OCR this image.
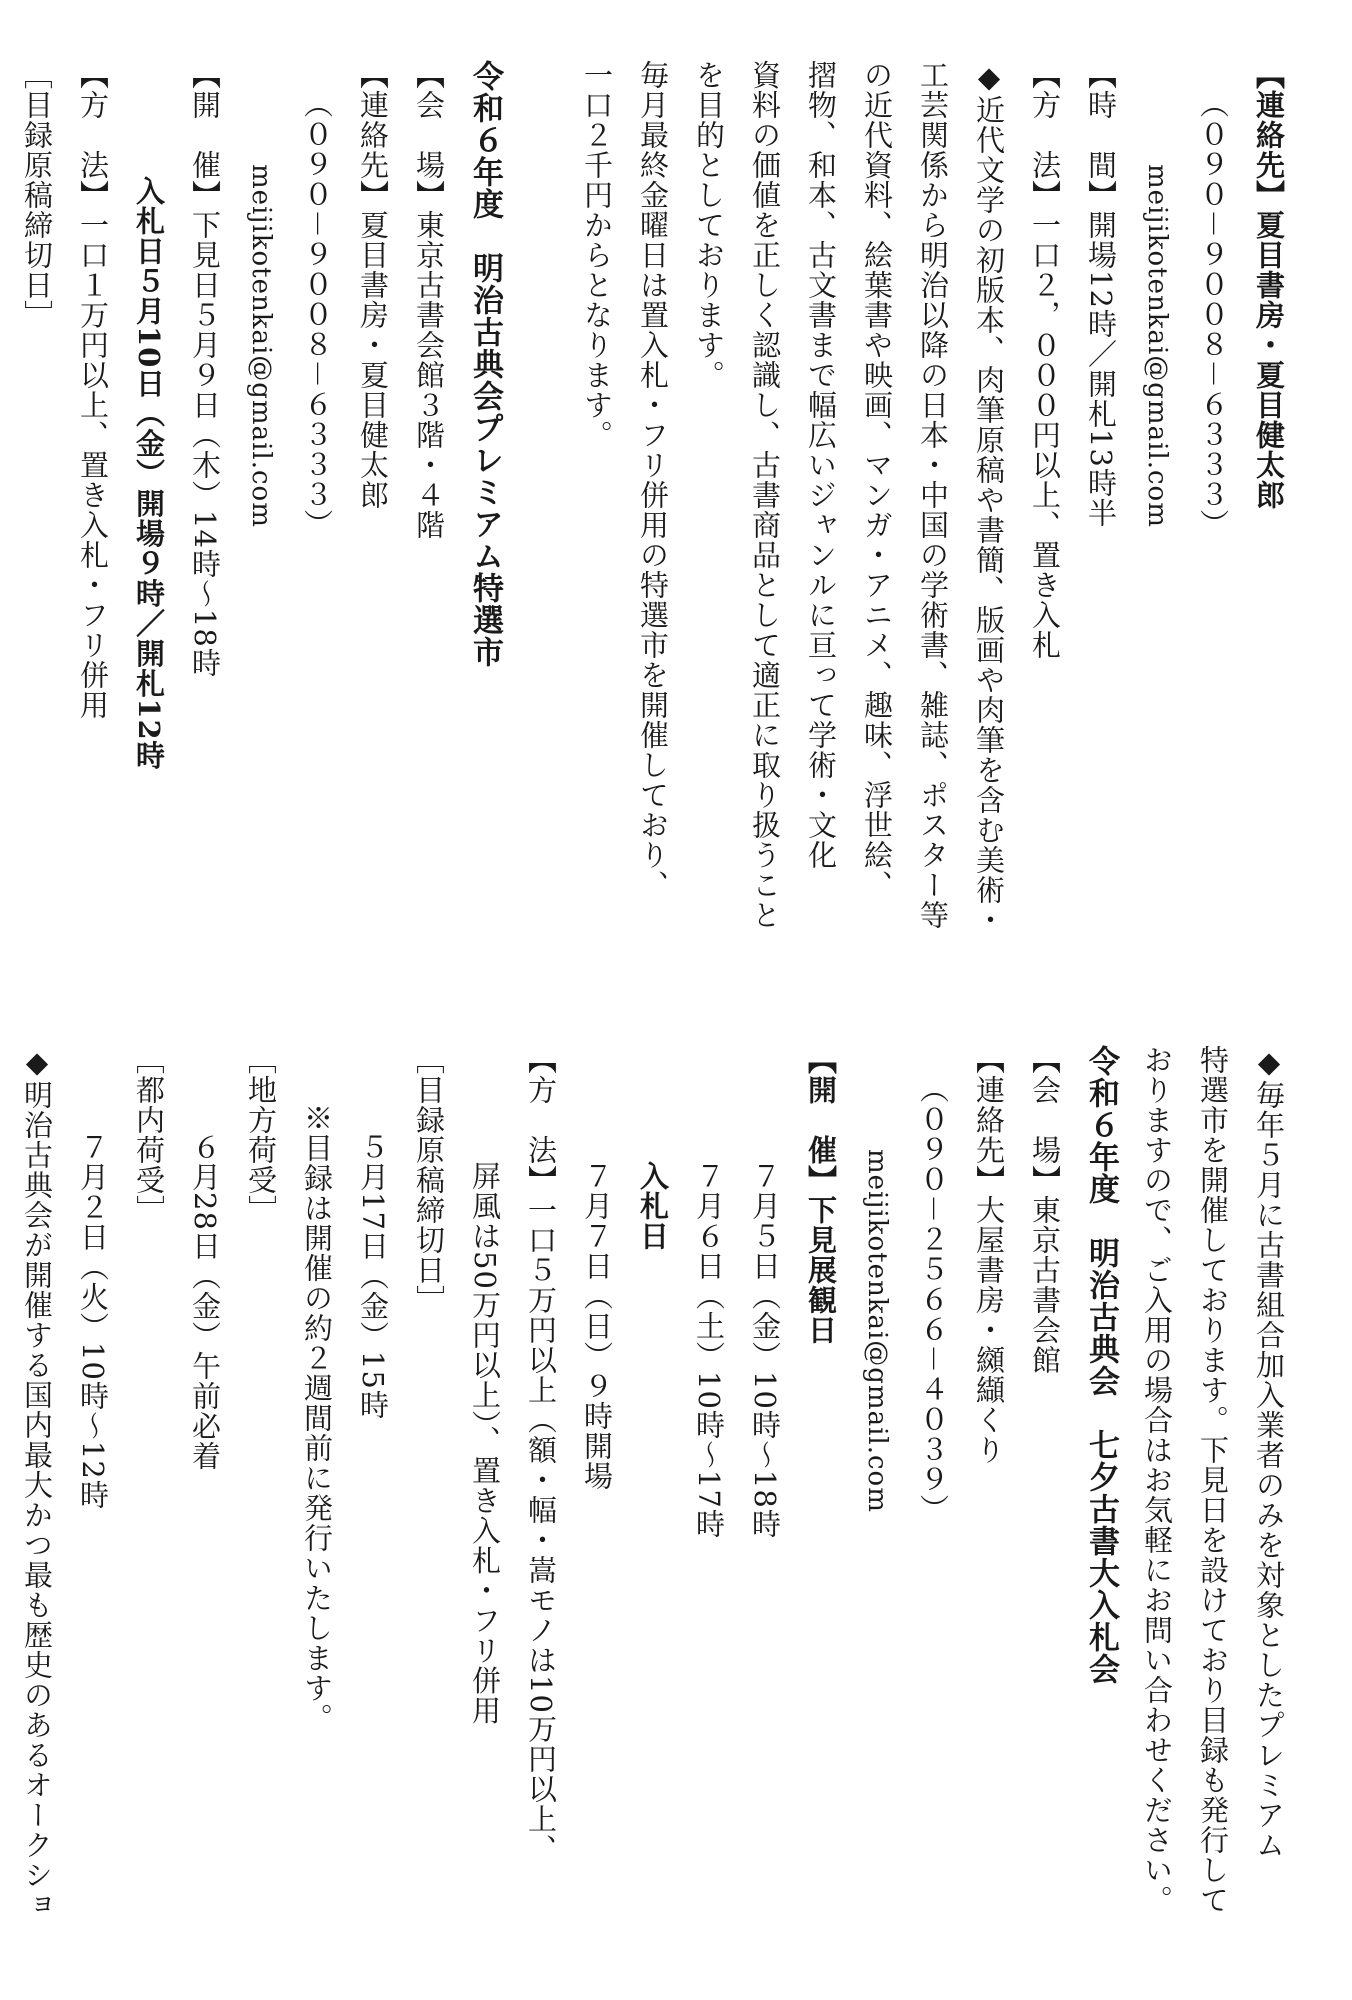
【連絡先】夏目書房・夏目健太郎
（０９０－９００８－６３３３）
meijikotenkai@gmail.com
【時　間】開場12時／開札13時半
【方　法】一口２，０００円以上、置き入札
◆近代文学の初版本、肉筆原稿や書簡、版画や肉筆を含む美術・
工芸関係から明治以降の日本・中国の学術書、雑誌、ポスター等
の近代資料、絵葉書や映画、マンガ・アニメ、趣味、浮世絵、
摺物、和本、古文書まで幅広いジャンルに亘って学術・文化
資料の価値を正しく認識し、古書商品として適正に取り扱うこと
を目的としております。
毎月最終金曜日は置入札・フリ併用の特選市を開催しており、
一口２千円からとなります。
令和６年度　明治古典会プレミアム特選市
【会　場】東京古書会館３階・４階
【連絡先】夏目書房・夏目健太郎
（０９０－９００８－６３３３）
meijikotenkai@gmail.com
【開　催】下見日５月９日（木）14時～18時
入札日５月10日（金）開場９時／開札12時
【方　法】一口１万円以上、置き入札・フリ併用
［目録原稿締切日］
◆毎年５月に古書組合加入業者のみを対象としたプレミアム
特選市を開催しております。下見日を設けており目録も発行して
おりますので、ご入用の場合はお気軽にお問い合わせください。
令和６年度　明治古典会　七夕古書大入札会
【会　場】東京古書会館
【連絡先】大屋書房・纐纈くり
（０９０－２５６６－４０３９）
meijikotenkai@gmail.com
【開　催】下見展観日
７月５日（金）10時～18時
７月６日（土）10時～17時
入札日
７月７日（日）９時開場
【方　法】一口５万円以上（額・幅・嵩モノは10万円以上、
屏風は50万円以上）、置き入札・フリ併用
［目録原稿締切日］
５月17日（金）15時
※目録は開催の約２週間前に発行いたします。
［地方荷受］
６月28日（金）午前必着
［都内荷受］
７月２日（火）10時～12時
◆明治古典会が開催する国内最大かつ最も歴史のあるオークショ
